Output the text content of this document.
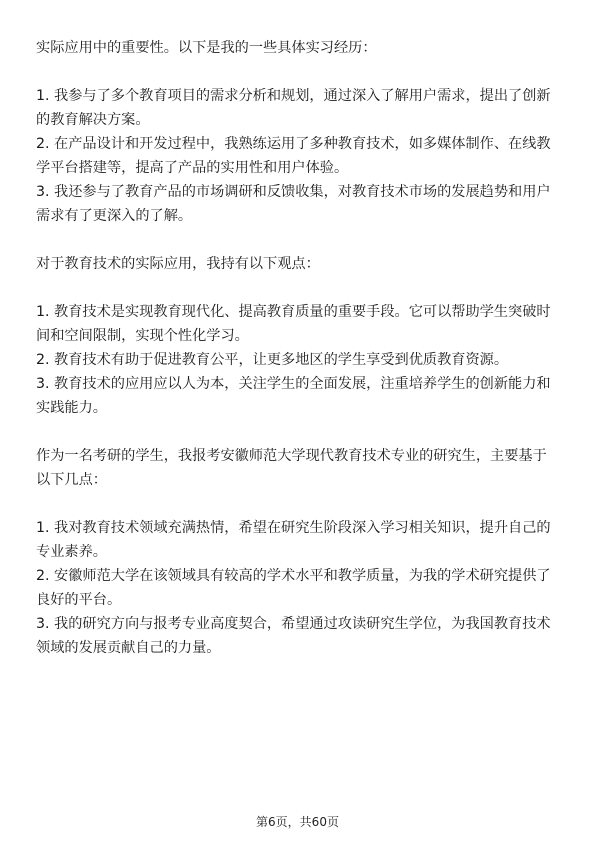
实际应用中的重要性。以下是我的一些具体实习经历：

1. 我参与了多个教育项目的需求分析和规划，通过深入了解用户需求，提出了创新的教育解决方案。

2. 在产品设计和开发过程中，我熟练运用了多种教育技术，如多媒体制作、在线教学平台搭建等，提高了产品的实用性和用户体验。

3. 我还参与了教育产品的市场调研和反馈收集，对教育技术市场的发展趋势和用户需求有了更深入的了解。

对于教育技术的实际应用，我持有以下观点：

1. 教育技术是实现教育现代化、提高教育质量的重要手段。它可以帮助学生突破时间和空间限制，实现个性化学习。

2. 教育技术有助于促进教育公平，让更多地区的学生享受到优质教育资源。

3. 教育技术的应用应以人为本，关注学生的全面发展，注重培养学生的创新能力和实践能力。

作为一名考研的学生，我报考安徽师范大学现代教育技术专业的研究生，主要基于以下几点：

1. 我对教育技术领域充满热情，希望在研究生阶段深入学习相关知识，提升自己的专业素养。

2. 安徽师范大学在该领域具有较高的学术水平和教学质量，为我的学术研究提供了良好的平台。

3. 我的研究方向与报考专业高度契合，希望通过攻读研究生学位，为我国教育技术领域的发展贡献自己的力量。

第6页，共60页
